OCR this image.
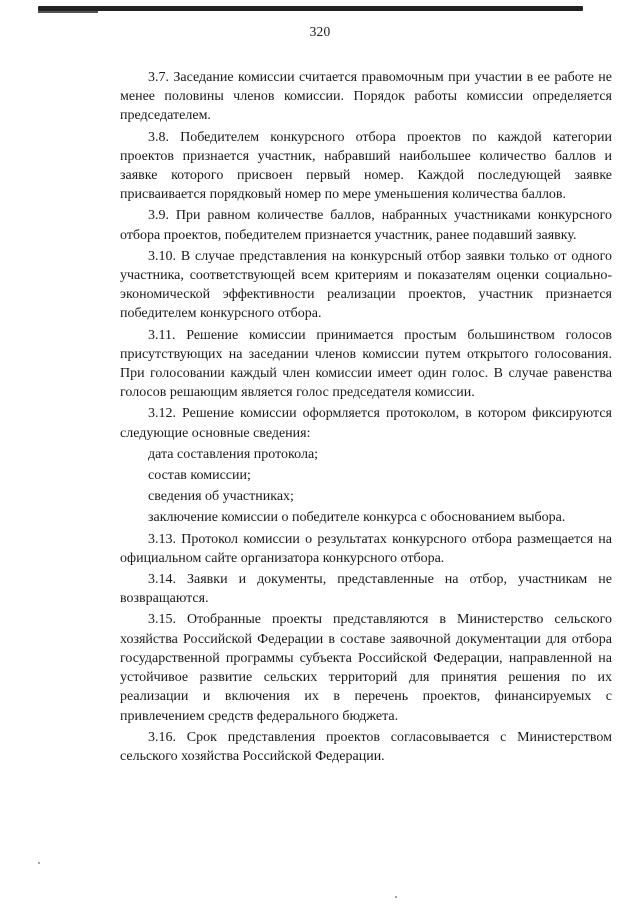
320

3.7. Заседание комиссии считается правомочным при участии в ее работе не менее половины членов комиссии. Порядок работы комиссии определяется председателем.

3.8. Победителем конкурсного отбора проектов по каждой категории проектов признается участник, набравший наибольшее количество баллов и заявке которого присвоен первый номер. Каждой последующей заявке присваивается порядковый номер по мере уменьшения количества баллов.

3.9. При равном количестве баллов, набранных участниками конкурсного отбора проектов, победителем признается участник, ранее подавший заявку.

3.10. В случае представления на конкурсный отбор заявки только от одного участника, соответствующей всем критериям и показателям оценки социально-экономической эффективности реализации проектов, участник признается победителем конкурсного отбора.

3.11. Решение комиссии принимается простым большинством голосов присутствующих на заседании членов комиссии путем открытого голосования. При голосовании каждый член комиссии имеет один голос. В случае равенства голосов решающим является голос председателя комиссии.

3.12. Решение комиссии оформляется протоколом, в котором фиксируются следующие основные сведения:

дата составления протокола;
состав комиссии;
сведения об участниках;
заключение комиссии о победителе конкурса с обоснованием выбора.

3.13. Протокол комиссии о результатах конкурсного отбора размещается на официальном сайте организатора конкурсного отбора.

3.14. Заявки и документы, представленные на отбор, участникам не возвращаются.

3.15. Отобранные проекты представляются в Министерство сельского хозяйства Российской Федерации в составе заявочной документации для отбора государственной программы субъекта Российской Федерации, направленной на устойчивое развитие сельских территорий для принятия решения по их реализации и включения их в перечень проектов, финансируемых с привлечением средств федерального бюджета.

3.16. Срок представления проектов согласовывается с Министерством сельского хозяйства Российской Федерации.
